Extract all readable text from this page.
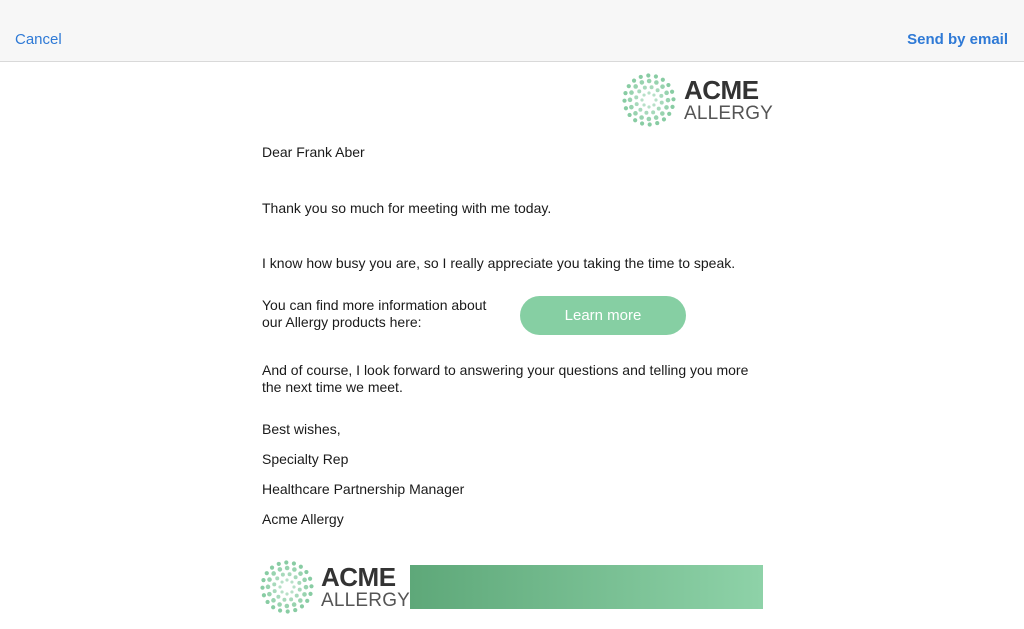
Cancel	Send by email
ACME
ALLERGY

Dear Frank Aber

Thank you so much for meeting with me today.

I know how busy you are, so I really appreciate you taking the time to speak.

You can find more information about
our Allergy products here:	Learn more

And of course, I look forward to answering your questions and telling you more
the next time we meet.

Best wishes,

Specialty Rep

Healthcare Partnership Manager

Acme Allergy

ACME
ALLERGY
